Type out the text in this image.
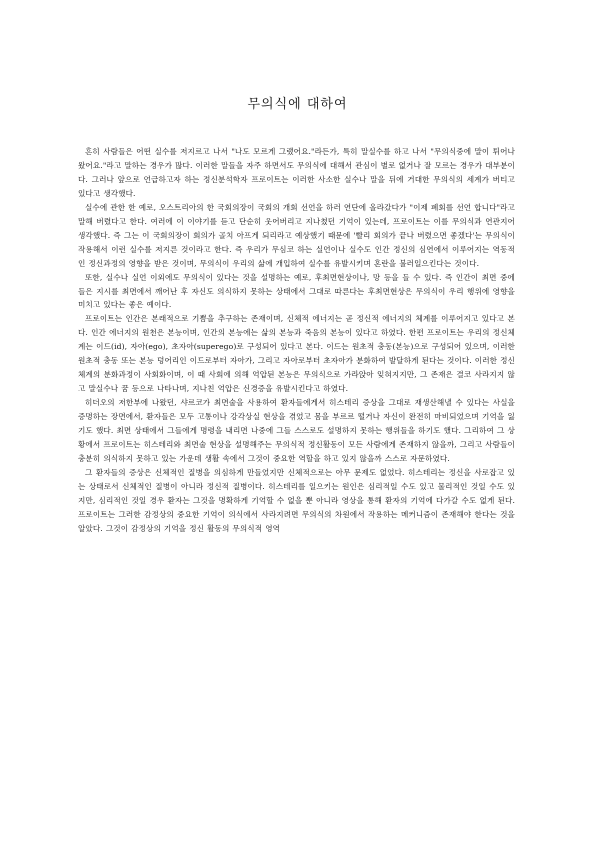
무의식에 대하여

흔히 사람들은 어떤 실수를 저지르고 나서 "나도 모르게 그랬어요."라든가, 특히 말실수를 하고 나서 "무의식중에 말이 튀어나왔어요."라고 말하는 경우가 많다. 이러한 말들을 자주 하면서도 무의식에 대해서 관심이 별로 없거나 잘 모르는 경우가 대부분이다. 그러나 앞으로 언급하고자 하는 정신분석학자 프로이트는 이러한 사소한 실수나 말을 뒤에 거대한 무의식의 세계가 버티고 있다고 생각했다.

실수에 관한 한 예로, 오스트리아의 한 국회의장이 국회의 개회 선언을 하러 연단에 올라갔다가 "이제 폐회를 선언 합니다"라고 말해 버렸다고 한다. 여러에 이 이야기를 듣고 단순히 웃어버리고 지나쳤던 기억이 있는데, 프로이트는 이를 무의식과 연관지어 생각했다. 즉 그는 이 국회의장이 회의가 골치 아프게 되리라고 예상했기 때문에 '빨리 회의가 끝나 버렸으면 좋겠다'는 무의식이 작용해서 이런 실수를 저지른 것이라고 한다. 즉 우리가 무심코 하는 실언이나 실수도 인간 정신의 심연에서 이루어지는 역동적인 정신과정의 영향을 받은 것이며, 무의식이 우리의 삶에 개입하여 실수를 유발시키며 혼란을 불러일으킨다는 것이다.

또한, 실수나 실언 이외에도 무의식이 있다는 것을 설명하는 예로, 후최면현상이나, 망 등을 들 수 있다. 즉 인간이 최면 중에 들은 지시를 최면에서 깨어난 후 자신도 의식하지 못하는 상태에서 그대로 따른다는 후최면현상은 무의식이 우리 행위에 영향을 미치고 있다는 좋은 예이다.

프로이트는 인간은 본래적으로 기쁨을 추구하는 존재이며, 신체적 에너지는 곧 정신적 에너지의 체계를 이루어지고 있다고 본다. 인간 에너지의 원천은 본능이며, 인간의 본능에는 삶의 본능과 죽음의 본능이 있다고 하였다. 한편 프로이트는 우리의 정신체계는 이드(id), 자아(ego), 초자아(superego)로 구성되어 있다고 본다. 이드는 원초적 충동(본능)으로 구성되어 있으며, 이러한 원초적 충동 또는 본능 덩어리인 이드로부터 자아가, 그리고 자아로부터 초자아가 분화하여 발달하게 된다는 것이다. 이러한 정신체계의 분화과정이 사회화이며, 이 때 사회에 의해 억압된 본능은 무의식으로 가라앉아 잊혀지지만, 그 존재은 결코 사라지지 않고 말실수나 꿈 등으로 나타나며, 지나친 억압은 신경증을 유발시킨다고 하였다.

히더오의 저한부에 나왔던, 샤르코가 최면술을 사용하여 환자들에게서 히스테리 증상을 그대로 재생산해낼 수 있다는 사실을 증명하는 장면에서, 환자들은 모두 고통이나 강각상실 현상을 겪었고 몸을 부르르 떨거나 자신이 완전히 마비되었으며 기억을 잃기도 했다. 최면 상태에서 그들에게 명령을 내리면 나중에 그들 스스로도 설명하지 못하는 행위들을 하기도 했다. 그리하여 그 상황에서 프로이트는 히스테리와 최면술 현상을 설명해주는 무의식적 정신활동이 모든 사람에게 존재하지 않을까, 그리고 사람들이 충분히 의식하지 못하고 있는 가운데 생활 속에서 그것이 중요한 역할을 하고 있지 않을까 스스로 자문하였다.

그 환자들의 증상은 신체적인 질병을 의심하게 만들었지만 신체적으로는 아무 문제도 없었다. 히스테리는 정신을 사로잡고 있는 상태로서 신체적인 질병이 아니라 정신적 질병이다. 히스테리를 일으키는 원인은 심리적일 수도 있고 물리적인 것일 수도 있지만, 심리적인 것일 경우 환자는 그것을 명확하게 기억할 수 없을 뿐 아니라 영상을 통해 환자의 기억에 다가갈 수도 없게 된다. 프로이트는 그러한 감정상의 중요한 기억이 의식에서 사라지려면 무의식의 차원에서 작용하는 메커니즘이 존재해야 한다는 것을 알았다. 그것이 감정상의 기억을 정신 활동의 무의식적 영역
